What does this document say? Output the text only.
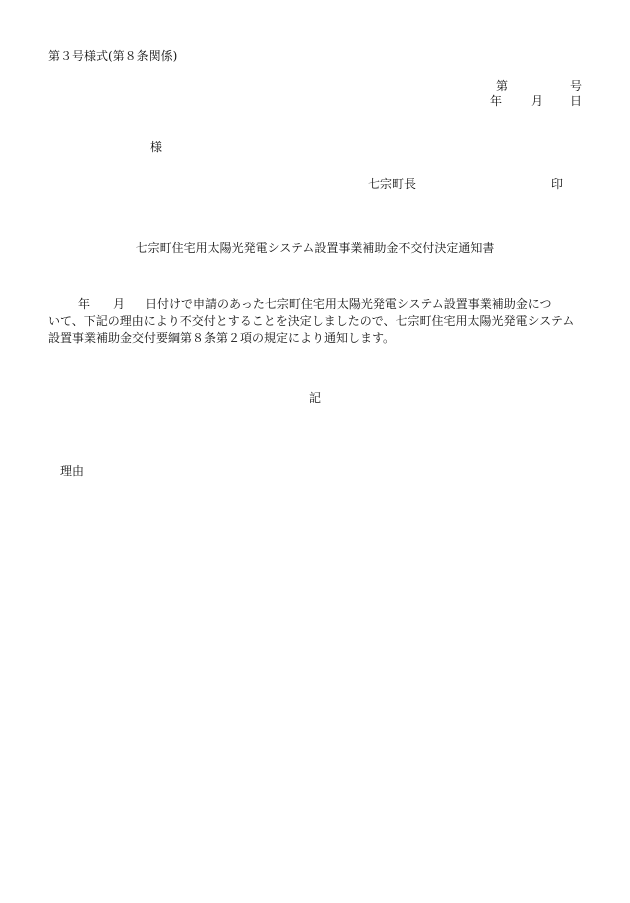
第３号様式(第８条関係)
第	号
年 月 日
様
七宗町長	印
七宗町住宅用太陽光発電システム設置事業補助金不交付決定通知書
年 月 日付けで申請のあった七宗町住宅用太陽光発電システム設置事業補助金につ
いて、下記の理由により不交付とすることを決定しましたので、七宗町住宅用太陽光発電システム
設置事業補助金交付要綱第８条第２項の規定により通知します。
記
理由
